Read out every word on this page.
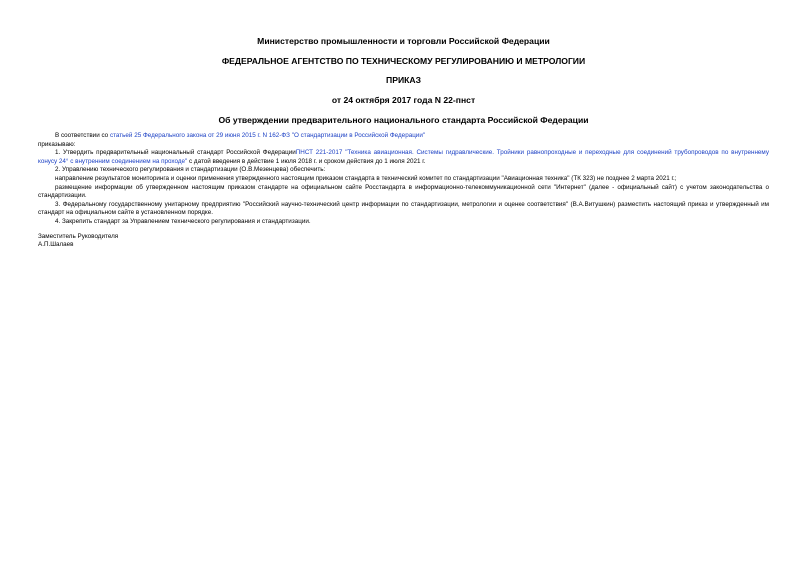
Министерство промышленности и торговли Российской Федерации
ФЕДЕРАЛЬНОЕ АГЕНТСТВО ПО ТЕХНИЧЕСКОМУ РЕГУЛИРОВАНИЮ И МЕТРОЛОГИИ
ПРИКАЗ
от 24 октября 2017 года N 22-пнст
Об утверждении предварительного национального стандарта Российской Федерации

В соответствии со статьей 25 Федерального закона от 29 июня 2015 г. N 162-ФЗ "О стандартизации в Российской Федерации"

приказываю:

1. Утвердить предварительный национальный стандарт Российской ФедерацииПНСТ 221-2017 "Техника авиационная. Системы гидравлические. Тройники равнопроходные и переходные для соединений трубопроводов по внутреннему конусу 24° с внутренним соединением на проходе" с датой введения в действие 1 июля 2018 г. и сроком действия до 1 июля 2021 г.

2. Управлению технического регулирования и стандартизации (О.В.Мезенцева) обеспечить:

направление результатов мониторинга и оценки применения утвержденного настоящим приказом стандарта в технический комитет по стандартизации "Авиационная техника" (ТК 323) не позднее 2 марта 2021 г.;

размещение информации об утвержденном настоящим приказом стандарте на официальном сайте Росстандарта в информационно-телекоммуникационной сети "Интернет" (далее - официальный сайт) с учетом законодательства о стандартизации.

3. Федеральному государственному унитарному предприятию "Российский научно-технический центр информации по стандартизации, метрологии и оценке соответствия" (В.А.Витушкин) разместить настоящий приказ и утвержденный им стандарт на официальном сайте в установленном порядке.

4. Закрепить стандарт за Управлением технического регулирования и стандартизации.

Заместитель Руководителя

А.П.Шалаев
